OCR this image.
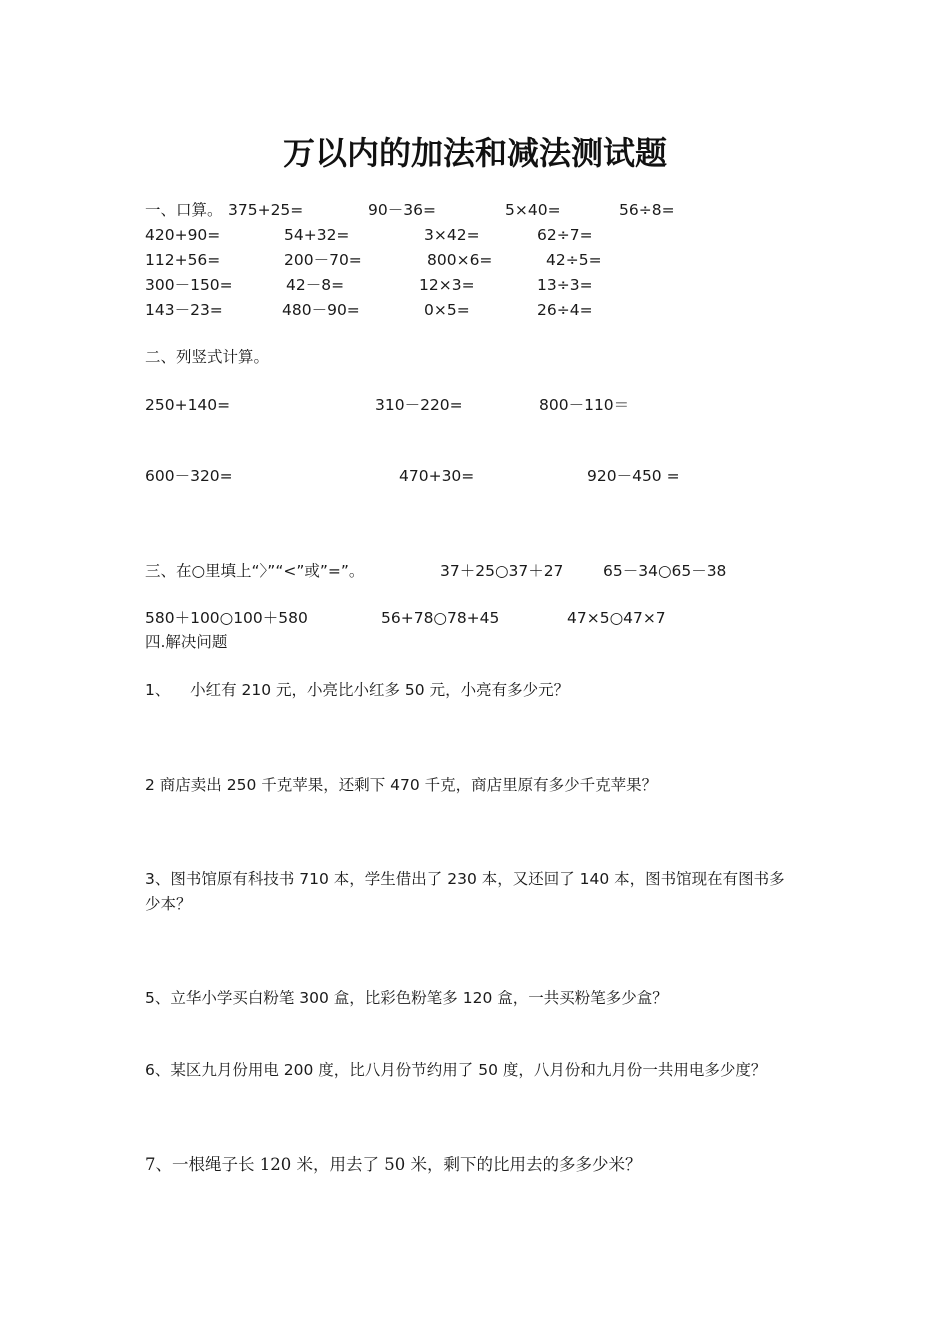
万以内的加法和减法测试题
一、口算。 375+25=	90－36=	5×40=	56÷8=
420+90=	54+32=	3×42=	62÷7=
112+56=	200－70=	800×6=	42÷5=
300－150=	42－8=	12×3=	13÷3=
143－23=	480－90=	0×5=	26÷4=
二、列竖式计算。
250+140=	310－220=	800－110＝
600－320=	470+30=	920－450 =
三、在○里填上“〉”“<”或”=”。	37＋25○37＋27	65－34○65－38
580＋100○100＋580	56+78○78+45	47×5○47×7
四.解决问题
1、    小红有 210 元，小亮比小红多 50 元，小亮有多少元？
2 商店卖出 250 千克苹果，还剩下 470 千克，商店里原有多少千克苹果？
3、图书馆原有科技书 710 本，学生借出了 230 本，又还回了 140 本，图书馆现在有图书多
少本？
5、立华小学买白粉笔 300 盒，比彩色粉笔多 120 盒，一共买粉笔多少盒？
6、某区九月份用电 200 度，比八月份节约用了 50 度，八月份和九月份一共用电多少度？
7、一根绳子长 120 米，用去了 50 米，剩下的比用去的多多少米？
